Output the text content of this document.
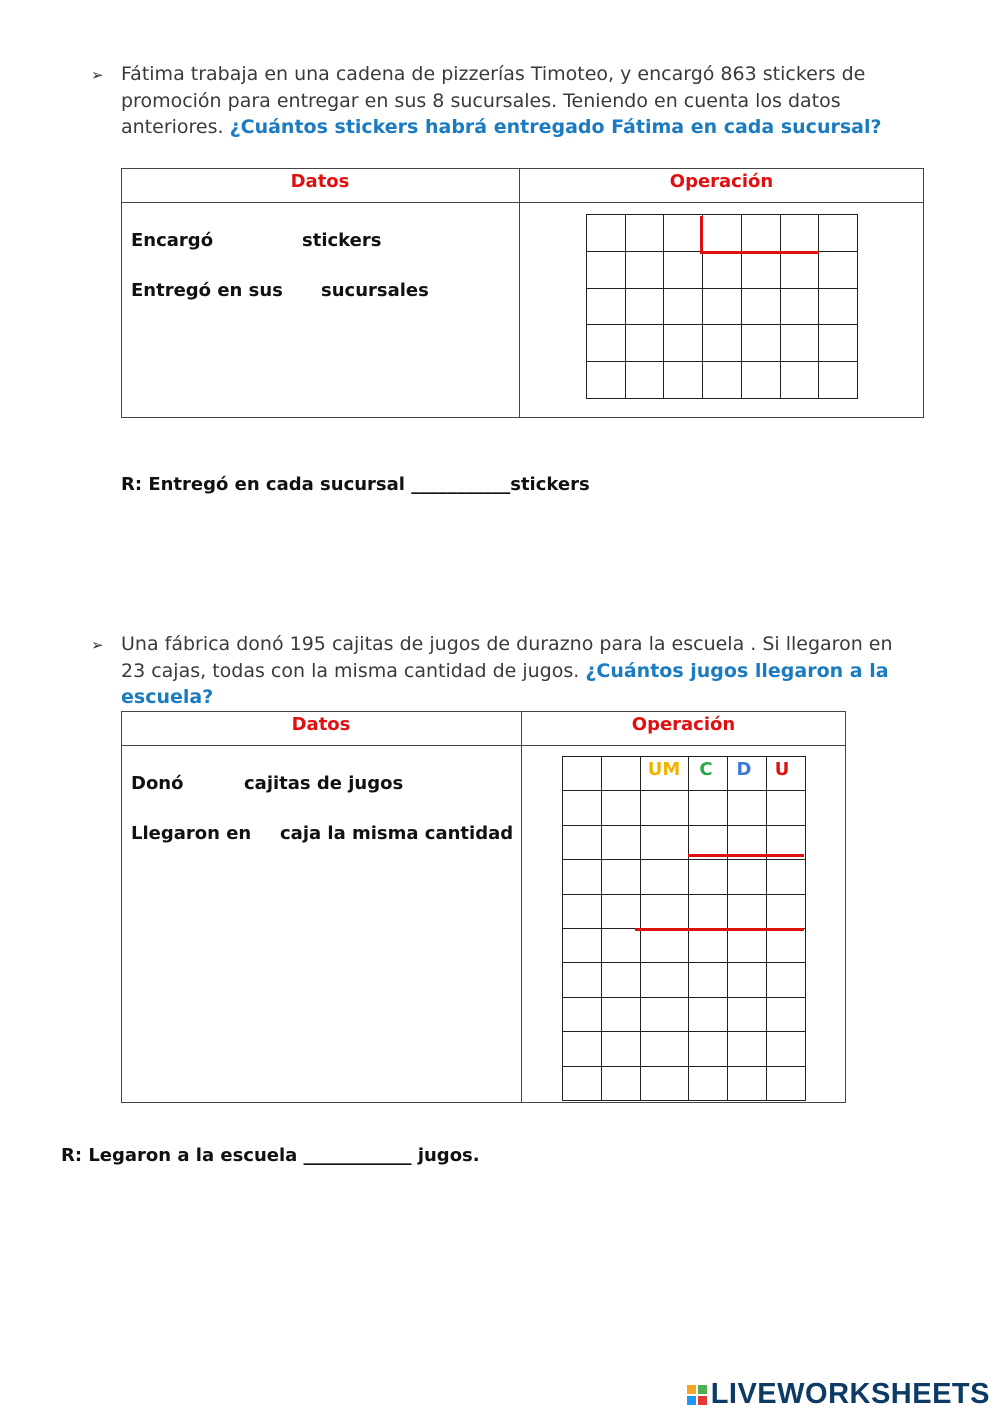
➢ Fátima trabaja en una cadena de pizzerías Timoteo, y encargó 863 stickers de promoción para entregar en sus 8 sucursales. Teniendo en cuenta los datos anteriores. ¿Cuántos stickers habrá entregado Fátima en cada sucursal?
Datos	Operación
Encargó	stickers
Entregó en sus sucursales

R: Entregó en cada sucursal ___________stickers
➢ Una fábrica donó 195 cajitas de jugos de durazno para la escuela . Si llegaron en 23 cajas, todas con la misma cantidad de jugos. ¿Cuántos jugos llegaron a la escuela?
Datos	Operación
Donó	cajitas de jugos
Llegaron en caja la misma cantidad

UM	C	D	U
R: Legaron a la escuela ____________ jugos.
LIVEWORKSHEETS
